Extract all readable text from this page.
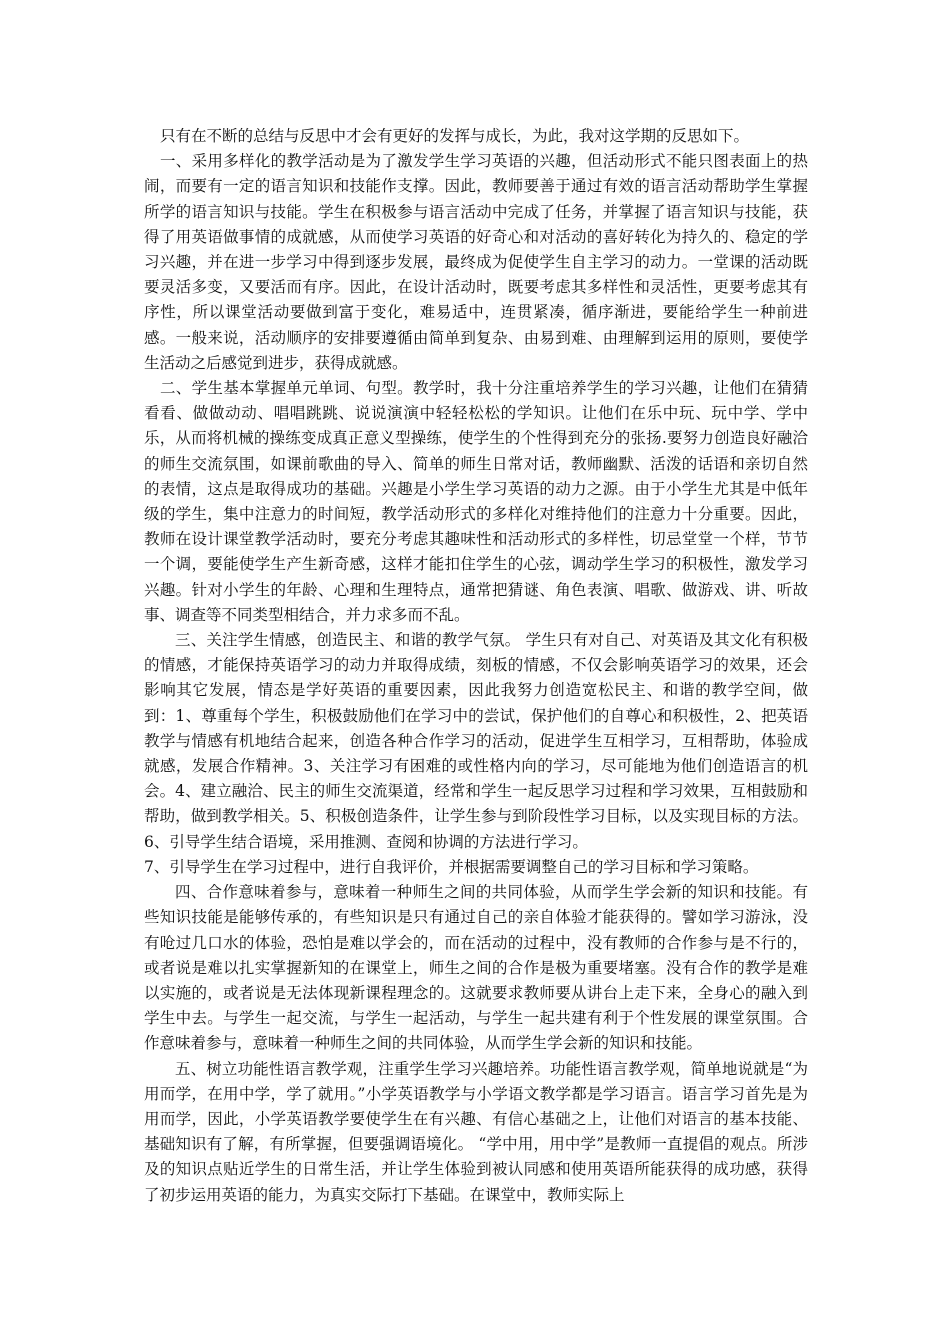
只有在不断的总结与反思中才会有更好的发挥与成长，为此，我对这学期的反思如下。

一、采用多样化的教学活动是为了激发学生学习英语的兴趣，但活动形式不能只图表面上的热闹，而要有一定的语言知识和技能作支撑。因此，教师要善于通过有效的语言活动帮助学生掌握所学的语言知识与技能。学生在积极参与语言活动中完成了任务，并掌握了语言知识与技能，获得了用英语做事情的成就感，从而使学习英语的好奇心和对活动的喜好转化为持久的、稳定的学习兴趣，并在进一步学习中得到逐步发展，最终成为促使学生自主学习的动力。一堂课的活动既要灵活多变，又要活而有序。因此，在设计活动时，既要考虑其多样性和灵活性，更要考虑其有序性，所以课堂活动要做到富于变化，难易适中，连贯紧凑，循序渐进，要能给学生一种前进感。一般来说，活动顺序的安排要遵循由简单到复杂、由易到难、由理解到运用的原则，要使学生活动之后感觉到进步，获得成就感。

二、学生基本掌握单元单词、句型。教学时，我十分注重培养学生的学习兴趣，让他们在猜猜看看、做做动动、唱唱跳跳、说说演演中轻轻松松的学知识。让他们在乐中玩、玩中学、学中乐，从而将机械的操练变成真正意义型操练，使学生的个性得到充分的张扬.要努力创造良好融洽的师生交流氛围，如课前歌曲的导入、简单的师生日常对话，教师幽默、活泼的话语和亲切自然的表情，这点是取得成功的基础。兴趣是小学生学习英语的动力之源。由于小学生尤其是中低年级的学生，集中注意力的时间短，教学活动形式的多样化对维持他们的注意力十分重要。因此，教师在设计课堂教学活动时，要充分考虑其趣味性和活动形式的多样性，切忌堂堂一个样，节节一个调，要能使学生产生新奇感，这样才能扣住学生的心弦，调动学生学习的积极性，激发学习兴趣。针对小学生的年龄、心理和生理特点，通常把猜谜、角色表演、唱歌、做游戏、讲、听故事、调查等不同类型相结合，并力求多而不乱。

三、关注学生情感，创造民主、和谐的教学气氛。 学生只有对自己、对英语及其文化有积极的情感，才能保持英语学习的动力并取得成绩，刻板的情感，不仅会影响英语学习的效果，还会影响其它发展，情态是学好英语的重要因素，因此我努力创造宽松民主、和谐的教学空间，做到：1、尊重每个学生，积极鼓励他们在学习中的尝试，保护他们的自尊心和积极性，2、把英语教学与情感有机地结合起来，创造各种合作学习的活动，促进学生互相学习，互相帮助，体验成就感，发展合作精神。3、关注学习有困难的或性格内向的学习，尽可能地为他们创造语言的机会。4、建立融洽、民主的师生交流渠道，经常和学生一起反思学习过程和学习效果，互相鼓励和帮助，做到教学相关。5、积极创造条件，让学生参与到阶段性学习目标，以及实现目标的方法。 6、引导学生结合语境，采用推测、查阅和协调的方法进行学习。

7、引导学生在学习过程中，进行自我评价，并根据需要调整自己的学习目标和学习策略。

四、合作意味着参与，意味着一种师生之间的共同体验，从而学生学会新的知识和技能。有些知识技能是能够传承的，有些知识是只有通过自己的亲自体验才能获得的。譬如学习游泳，没有呛过几口水的体验，恐怕是难以学会的，而在活动的过程中，没有教师的合作参与是不行的，或者说是难以扎实掌握新知的在课堂上，师生之间的合作是极为重要堵塞。没有合作的教学是难以实施的，或者说是无法体现新课程理念的。这就要求教师要从讲台上走下来，全身心的融入到学生中去。与学生一起交流，与学生一起活动，与学生一起共建有利于个性发展的课堂氛围。合作意味着参与，意味着一种师生之间的共同体验，从而学生学会新的知识和技能。

五、树立功能性语言教学观，注重学生学习兴趣培养。功能性语言教学观，简单地说就是“为用而学，在用中学，学了就用。”小学英语教学与小学语文教学都是学习语言。语言学习首先是为用而学，因此，小学英语教学要使学生在有兴趣、有信心基础之上，让他们对语言的基本技能、基础知识有了解，有所掌握，但要强调语境化。 “学中用，用中学”是教师一直提倡的观点。所涉及的知识点贴近学生的日常生活，并让学生体验到被认同感和使用英语所能获得的成功感，获得了初步运用英语的能力，为真实交际打下基础。在课堂中，教师实际上
